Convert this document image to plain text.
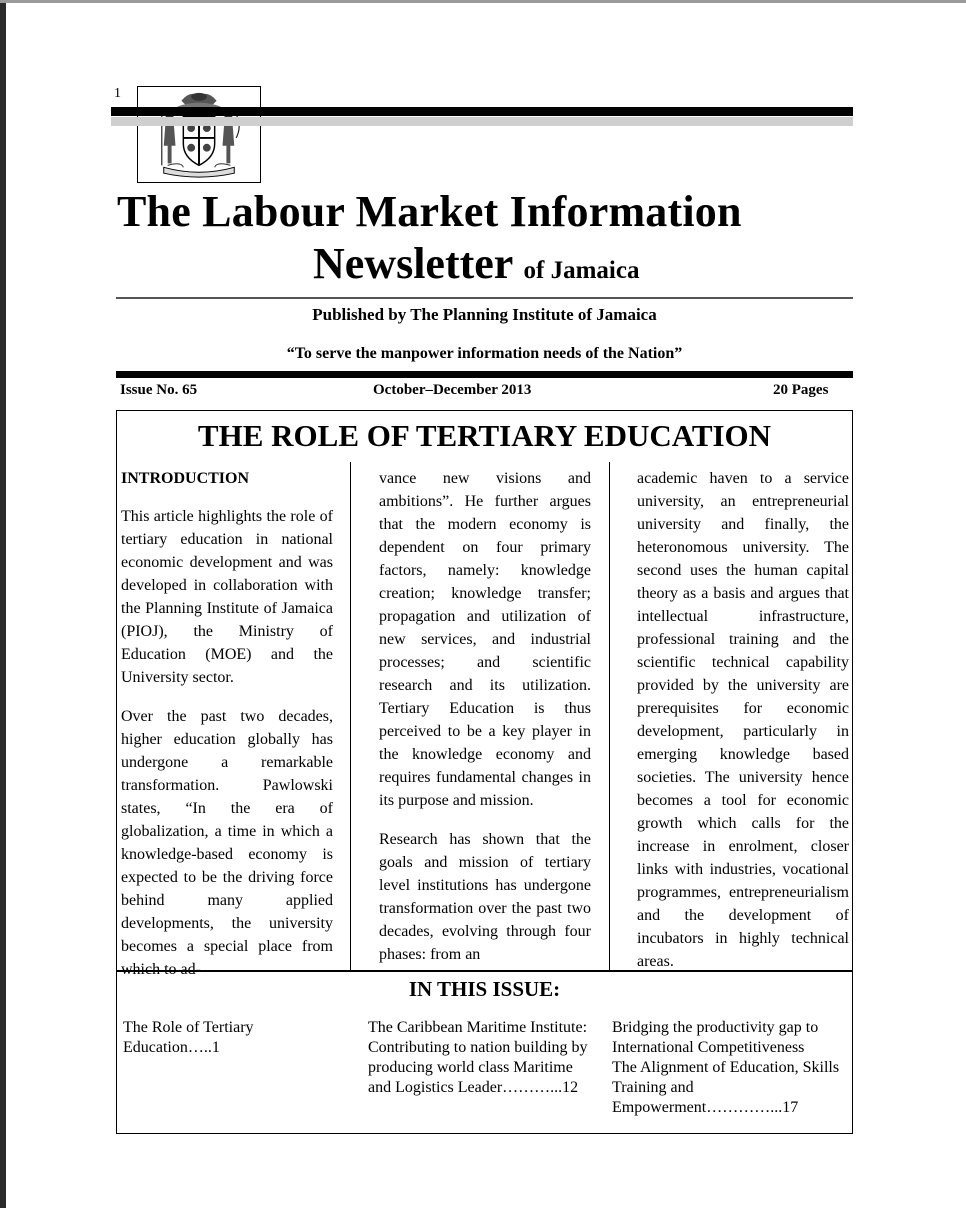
1
The Labour Market Information
Newsletter of Jamaica
Published by The Planning Institute of Jamaica
“To serve the manpower information needs of the Nation”
Issue No. 65	October–December 2013	20 Pages
THE ROLE OF TERTIARY EDUCATION

INTRODUCTION

This article highlights the role of tertiary education in national economic development and was developed in collaboration with the Planning Institute of Jamaica (PIOJ), the Ministry of Education (MOE) and the University sector.

Over the past two decades, higher education globally has undergone a remarkable transformation. Pawlowski states, “In the era of globalization, a time in which a knowledge-based economy is expected to be the driving force behind many applied developments, the university becomes a special place from which to ad-

vance new visions and ambitions”. He further argues that the modern economy is dependent on four primary factors, namely: knowledge creation; knowledge transfer; propagation and utilization of new services, and industrial processes; and scientific research and its utilization. Tertiary Education is thus perceived to be a key player in the knowledge economy and requires fundamental changes in its purpose and mission.

Research has shown that the goals and mission of tertiary level institutions has undergone transformation over the past two decades, evolving through four phases: from an

academic haven to a service university, an entrepreneurial university and finally, the heteronomous university. The second uses the human capital theory as a basis and argues that intellectual infrastructure, professional training and the scientific technical capability provided by the university are prerequisites for economic development, particularly in emerging knowledge based societies. The university hence becomes a tool for economic growth which calls for the increase in enrolment, closer links with industries, vocational programmes, entrepreneurialism and the development of incubators in highly technical areas.

IN THIS ISSUE:
The Role of Tertiary Education…..1
The Caribbean Maritime Institute: Contributing to nation building by producing world class Maritime and Logistics Leader………...12
Bridging the productivity gap to International Competitiveness
The Alignment of Education, Skills Training and Empowerment…………...17
